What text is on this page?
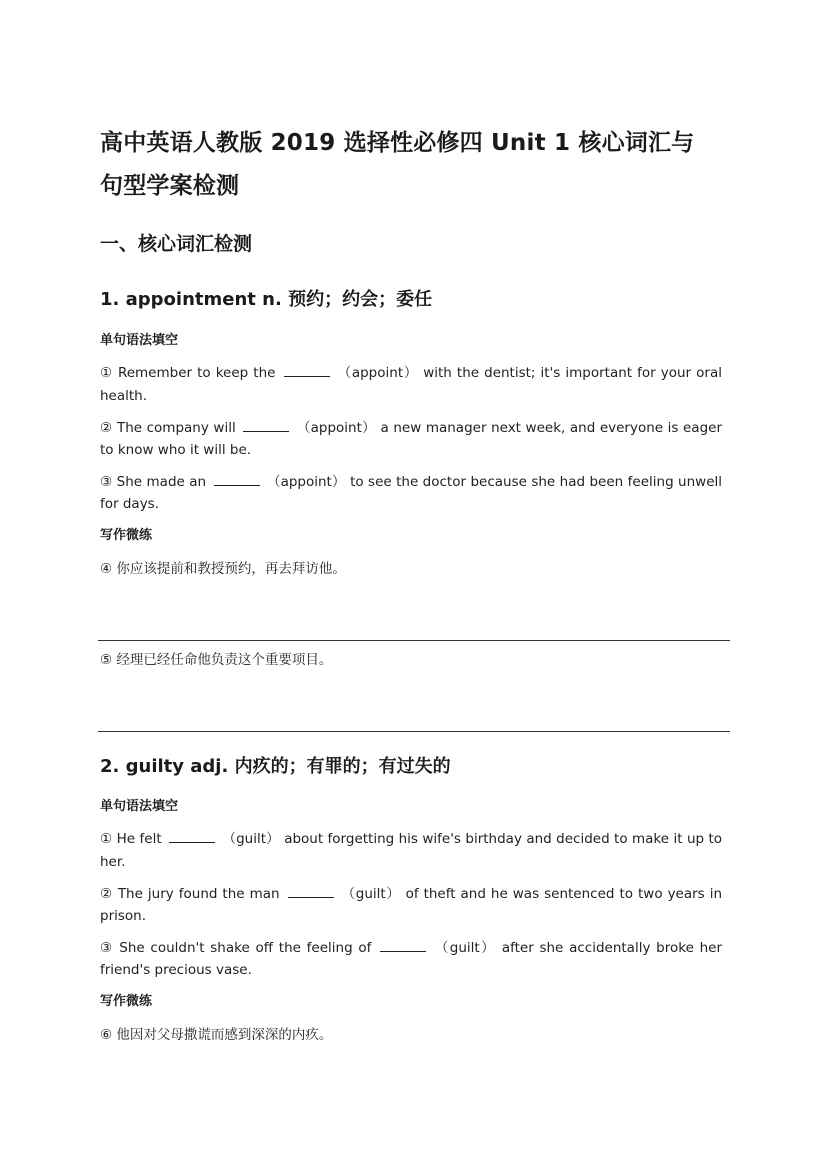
高中英语人教版 2019 选择性必修四 Unit 1 核心词汇与
句型学案检测
一、核心词汇检测
1. appointment n. 预约；约会；委任
单句语法填空
① Remember to keep the	（appoint） with the dentist; it's important for your oral
health.
② The company will	（appoint） a new manager next week, and everyone is eager
to know who it will be.
③ She made an	（appoint） to see the doctor because she had been feeling unwell
for days.
写作微练
④ 你应该提前和教授预约，再去拜访他。
⑤ 经理已经任命他负责这个重要项目。
2. guilty adj. 内疚的；有罪的；有过失的
单句语法填空
① He felt	（guilt） about forgetting his wife's birthday and decided to make it up to
her.
② The jury found the man	（guilt） of theft and he was sentenced to two years in
prison.
③ She couldn't shake off the feeling of	（guilt） after she accidentally broke her
friend's precious vase.
写作微练
⑥ 他因对父母撒谎而感到深深的内疚。
